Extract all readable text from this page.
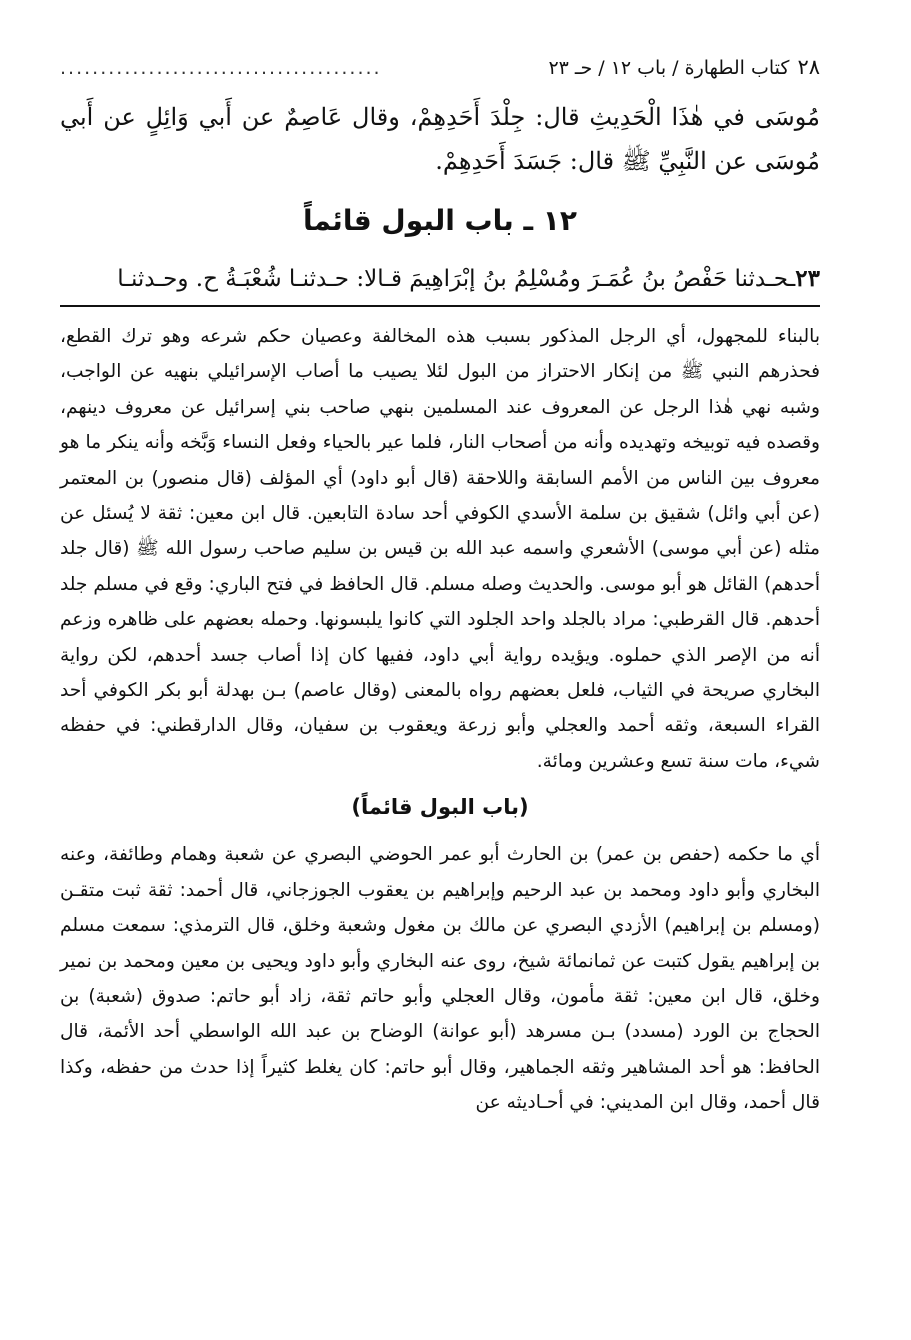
٢٨
كتاب الطهارة / باب ١٢ / حـ ٢٣
........................................
مُوسَى في هٰذَا الْحَدِيثِ قال: جِلْدَ أَحَدِهِمْ، وقال عَاصِمٌ عن أَبي وَائِلٍ عن أَبي مُوسَى عن النَّبِيِّ ﷺ قال: جَسَدَ أَحَدِهِمْ.
١٢ ـ باب البول قائماً
٢٣ـحـدثنا حَفْصُ بنُ عُمَـرَ ومُسْلِمُ بنُ إبْرَاهِيمَ قـالا: حـدثنـا شُعْبَـةُ ح. وحـدثنـا

بالبناء للمجهول، أي الرجل المذكور بسبب هذه المخالفة وعصيان حكم شرعه وهو ترك القطع، فحذرهم النبي ﷺ من إنكار الاحتراز من البول لئلا يصيب ما أصاب الإسرائيلي بنهيه عن الواجب، وشبه نهي هٰذا الرجل عن المعروف عند المسلمين بنهي صاحب بني إسرائيل عن معروف دينهم، وقصده فيه توبيخه وتهديده وأنه من أصحاب النار، فلما عير بالحياء وفعل النساء وَبَّخه وأنه ينكر ما هو معروف بين الناس من الأمم السابقة واللاحقة (قال أبو داود) أي المؤلف (قال منصور) بن المعتمر (عن أبي وائل) شقيق بن سلمة الأسدي الكوفي أحد سادة التابعين. قال ابن معين: ثقة لا يُسئل عن مثله (عن أبي موسى) الأشعري واسمه عبد الله بن قيس بن سليم صاحب رسول الله ﷺ (قال جلد أحدهم) القائل هو أبو موسى. والحديث وصله مسلم. قال الحافظ في فتح الباري: وقع في مسلم جلد أحدهم. قال القرطبي: مراد بالجلد واحد الجلود التي كانوا يلبسونها. وحمله بعضهم على ظاهره وزعم أنه من الإصر الذي حملوه. ويؤيده رواية أبي داود، ففيها كان إذا أصاب جسد أحدهم، لكن رواية البخاري صريحة في الثياب، فلعل بعضهم رواه بالمعنى (وقال عاصم) بـن بهدلة أبو بكر الكوفي أحد القراء السبعة، وثقه أحمد والعجلي وأبو زرعة ويعقوب بن سفيان، وقال الدارقطني: في حفظه شيء، مات سنة تسع وعشرين ومائة.

(باب البول قائماً)

أي ما حكمه (حفص بن عمر) بن الحارث أبو عمر الحوضي البصري عن شعبة وهمام وطائفة، وعنه البخاري وأبو داود ومحمد بن عبد الرحيم وإبراهيم بن يعقوب الجوزجاني، قال أحمد: ثقة ثبت متقـن (ومسلم بن إبراهيم) الأزدي البصري عن مالك بن مغول وشعبة وخلق، قال الترمذي: سمعت مسلم بن إبراهيم يقول كتبت عن ثمانمائة شيخ، روى عنه البخاري وأبو داود ويحيى بن معين ومحمد بن نمير وخلق، قال ابن معين: ثقة مأمون، وقال العجلي وأبو حاتم ثقة، زاد أبو حاتم: صدوق (شعبة) بن الحجاج بن الورد (مسدد) بـن مسرهد (أبو عوانة) الوضاح بن عبد الله الواسطي أحد الأئمة، قال الحافظ: هو أحد المشاهير وثقه الجماهير، وقال أبو حاتم: كان يغلط كثيراً إذا حدث من حفظه، وكذا قال أحمد، وقال ابن المديني: في أحـاديثه عن
